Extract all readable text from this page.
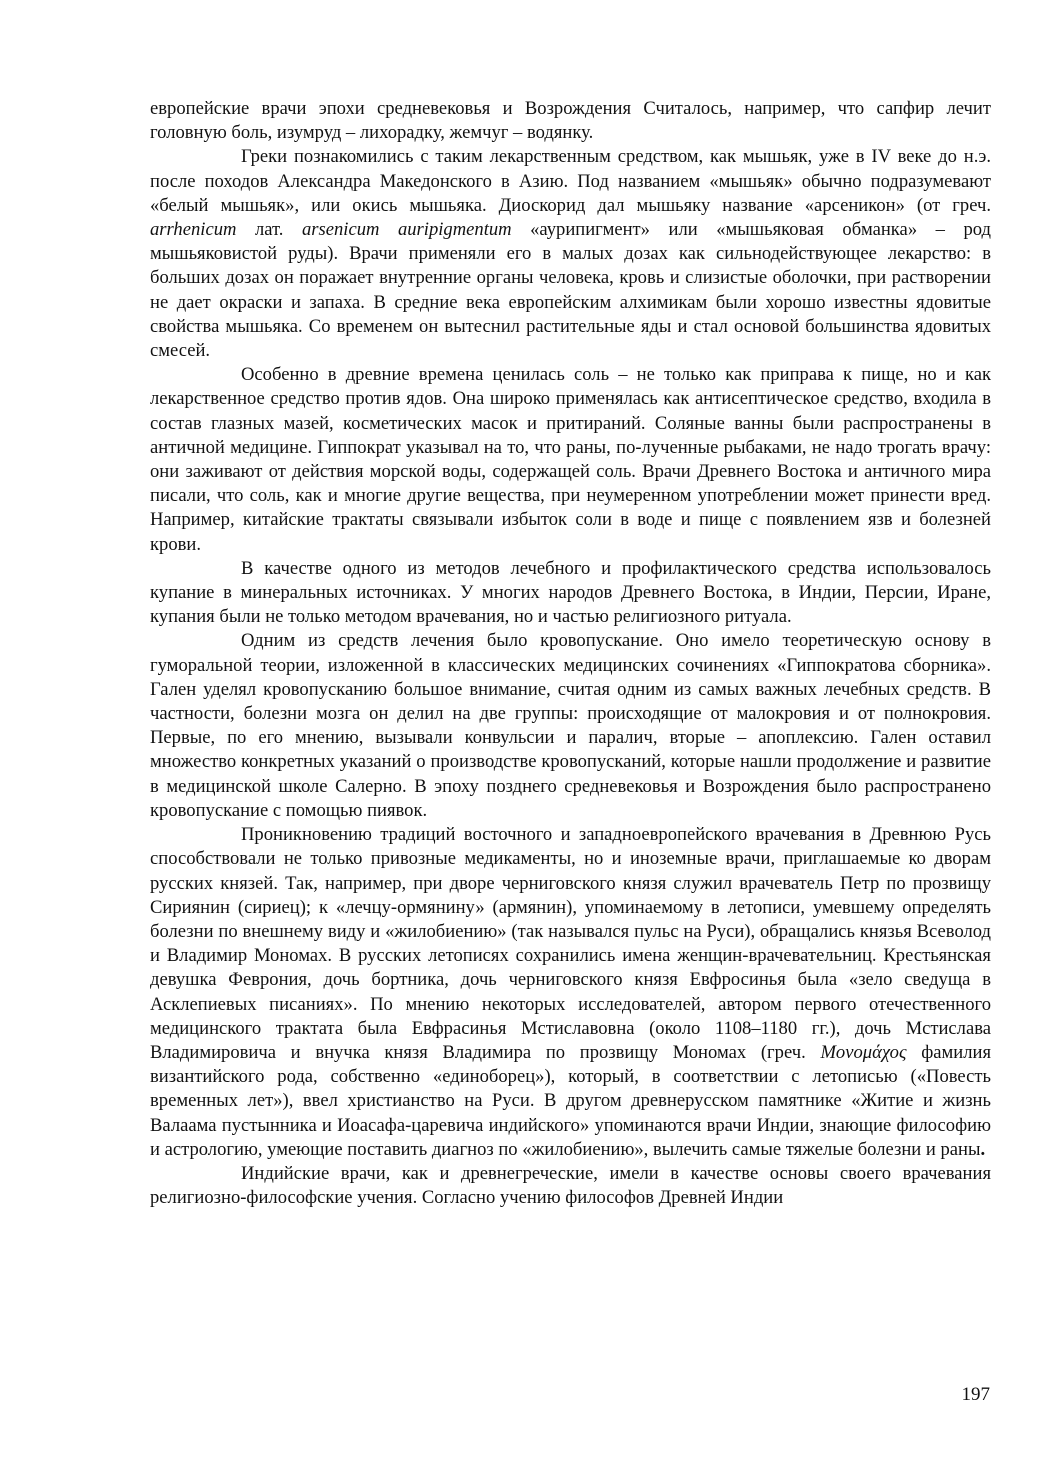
европейские врачи эпохи средневековья и Возрождения Считалось, например, что сапфир лечит головную боль, изумруд – лихорадку, жемчуг – водянку.

Греки познакомились с таким лекарственным средством, как мышьяк, уже в IV веке до н.э. после походов Александра Македонского в Азию. Под названием «мышьяк» обычно подразумевают «белый мышьяк», или окись мышьяка. Диоскорид дал мышьяку название «арсеникон» (от греч. arrhenicum лат. arsenicum auripigmentum «аурипигмент» или «мышьяковая обманка» – род мышьяковистой руды). Врачи применяли его в малых дозах как сильнодействующее лекарство: в больших дозах он поражает внутренние органы человека, кровь и слизистые оболочки, при растворении не дает окраски и запаха. В средние века европейским алхимикам были хорошо известны ядовитые свойства мышьяка. Со временем он вытеснил растительные яды и стал основой большинства ядовитых смесей.

Особенно в древние времена ценилась соль – не только как приправа к пище, но и как лекарственное средство против ядов. Она широко применялась как антисептическое средство, входила в состав глазных мазей, косметических масок и притираний. Соляные ванны были распространены в античной медицине. Гиппократ указывал на то, что раны, по-лученные рыбаками, не надо трогать врачу: они заживают от действия морской воды, содержащей соль. Врачи Древнего Востока и античного мира писали, что соль, как и многие другие вещества, при неумеренном употреблении может принести вред. Например, китайские трактаты связывали избыток соли в воде и пище с появлением язв и болезней крови.

В качестве одного из методов лечебного и профилактического средства использовалось купание в минеральных источниках. У многих народов Древнего Востока, в Индии, Персии, Иране, купания были не только методом врачевания, но и частью религиозного ритуала.

Одним из средств лечения было кровопускание. Оно имело теоретическую основу в гуморальной теории, изложенной в классических медицинских сочинениях «Гиппократова сборника». Гален уделял кровопусканию большое внимание, считая одним из самых важных лечебных средств. В частности, болезни мозга он делил на две группы: происходящие от малокровия и от полнокровия. Первые, по его мнению, вызывали конвульсии и паралич, вторые – апоплексию. Гален оставил множество конкретных указаний о производстве кровопусканий, которые нашли продолжение и развитие в медицинской школе Салерно. В эпоху позднего средневековья и Возрождения было распространено кровопускание с помощью пиявок.

Проникновению традиций восточного и западноевропейского врачевания в Древнюю Русь способствовали не только привозные медикаменты, но и иноземные врачи, приглашаемые ко дворам русских князей. Так, например, при дворе черниговского князя служил врачеватель Петр по прозвищу Сириянин (сириец); к «лечцу-ормянину» (армянин), упоминаемому в летописи, умевшему определять болезни по внешнему виду и «жилобиению» (так назывался пульс на Руси), обращались князья Всеволод и Владимир Мономах. В русских летописях сохранились имена женщин-врачевательниц. Крестьянская девушка Феврония, дочь бортника, дочь черниговского князя Евфросинья была «зело сведуща в Асклепиевых писаниях». По мнению некоторых исследователей, автором первого отечественного медицинского трактата была Евфрасинья Мстиславовна (около 1108–1180 гг.), дочь Мстислава Владимировича и внучка князя Владимира по прозвищу Мономах (греч. Μονομάχος фамилия византийского рода, собственно «единоборец»), который, в соответствии с летописью («Повесть временных лет»), ввел христианство на Руси. В другом древнерусском памятнике «Житие и жизнь Валаама пустынника и Иоасафа-царевича индийского» упоминаются врачи Индии, знающие философию и астрологию, умеющие поставить диагноз по «жилобиению», вылечить самые тяжелые болезни и раны.

Индийские врачи, как и древнегреческие, имели в качестве основы своего врачевания религиозно-философские учения. Согласно учению философов Древней Индии

197
